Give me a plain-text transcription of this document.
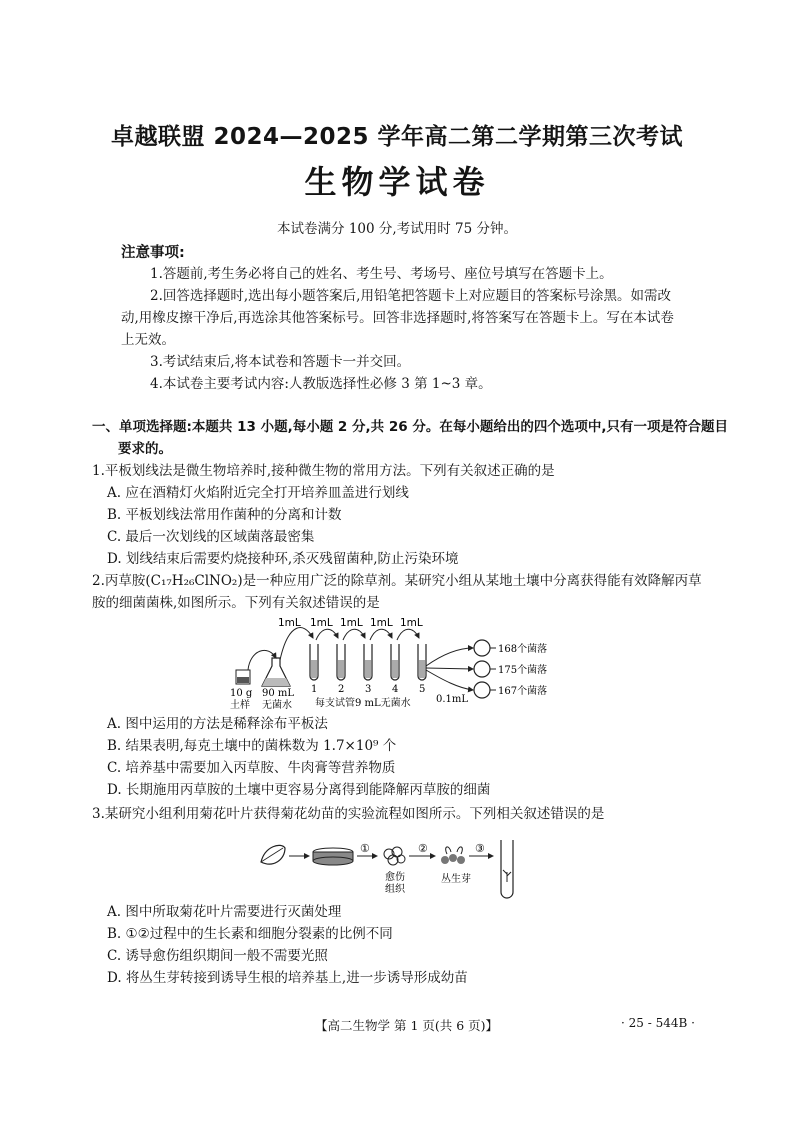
卓越联盟 2024—2025 学年高二第二学期第三次考试
生物学试卷
本试卷满分 100 分,考试用时 75 分钟。
注意事项:
1.答题前,考生务必将自己的姓名、考生号、考场号、座位号填写在答题卡上。
2.回答选择题时,选出每小题答案后,用铅笔把答题卡上对应题目的答案标号涂黑。如需改动,用橡皮擦干净后,再选涂其他答案标号。回答非选择题时,将答案写在答题卡上。写在本试卷上无效。
3.考试结束后,将本试卷和答题卡一并交回。
4.本试卷主要考试内容:人教版选择性必修 3 第 1~3 章。
一、单项选择题:本题共 13 小题,每小题 2 分,共 26 分。在每小题给出的四个选项中,只有一项是符合题目要求的。
1.平板划线法是微生物培养时,接种微生物的常用方法。下列有关叙述正确的是
A. 应在酒精灯火焰附近完全打开培养皿盖进行划线
B. 平板划线法常用作菌种的分离和计数
C. 最后一次划线的区域菌落最密集
D. 划线结束后需要灼烧接种环,杀灭残留菌种,防止污染环境
2.丙草胺(C₁₇H₂₆ClNO₂)是一种应用广泛的除草剂。某研究小组从某地土壤中分离获得能有效降解丙草胺的细菌菌株,如图所示。下列有关叙述错误的是
1mL 1mL 1mL 1mL 1mL
1 2 3 4 5
10 g
土样
90 mL
无菌水 每支试管9 mL无菌水
168个菌落
175个菌落
167个菌落
0.1mL
A. 图中运用的方法是稀释涂布平板法
B. 结果表明,每克土壤中的菌株数为 1.7×10⁹ 个
C. 培养基中需要加入丙草胺、牛肉膏等营养物质
D. 长期施用丙草胺的土壤中更容易分离得到能降解丙草胺的细菌
3.某研究小组利用菊花叶片获得菊花幼苗的实验流程如图所示。下列相关叙述错误的是
①
愈伤
组织
②
丛生芽
③
A. 图中所取菊花叶片需要进行灭菌处理
B. ①②过程中的生长素和细胞分裂素的比例不同
C. 诱导愈伤组织期间一般不需要光照
D. 将丛生芽转接到诱导生根的培养基上,进一步诱导形成幼苗
【高二生物学 第 1 页(共 6 页)】	· 25 - 544B ·
